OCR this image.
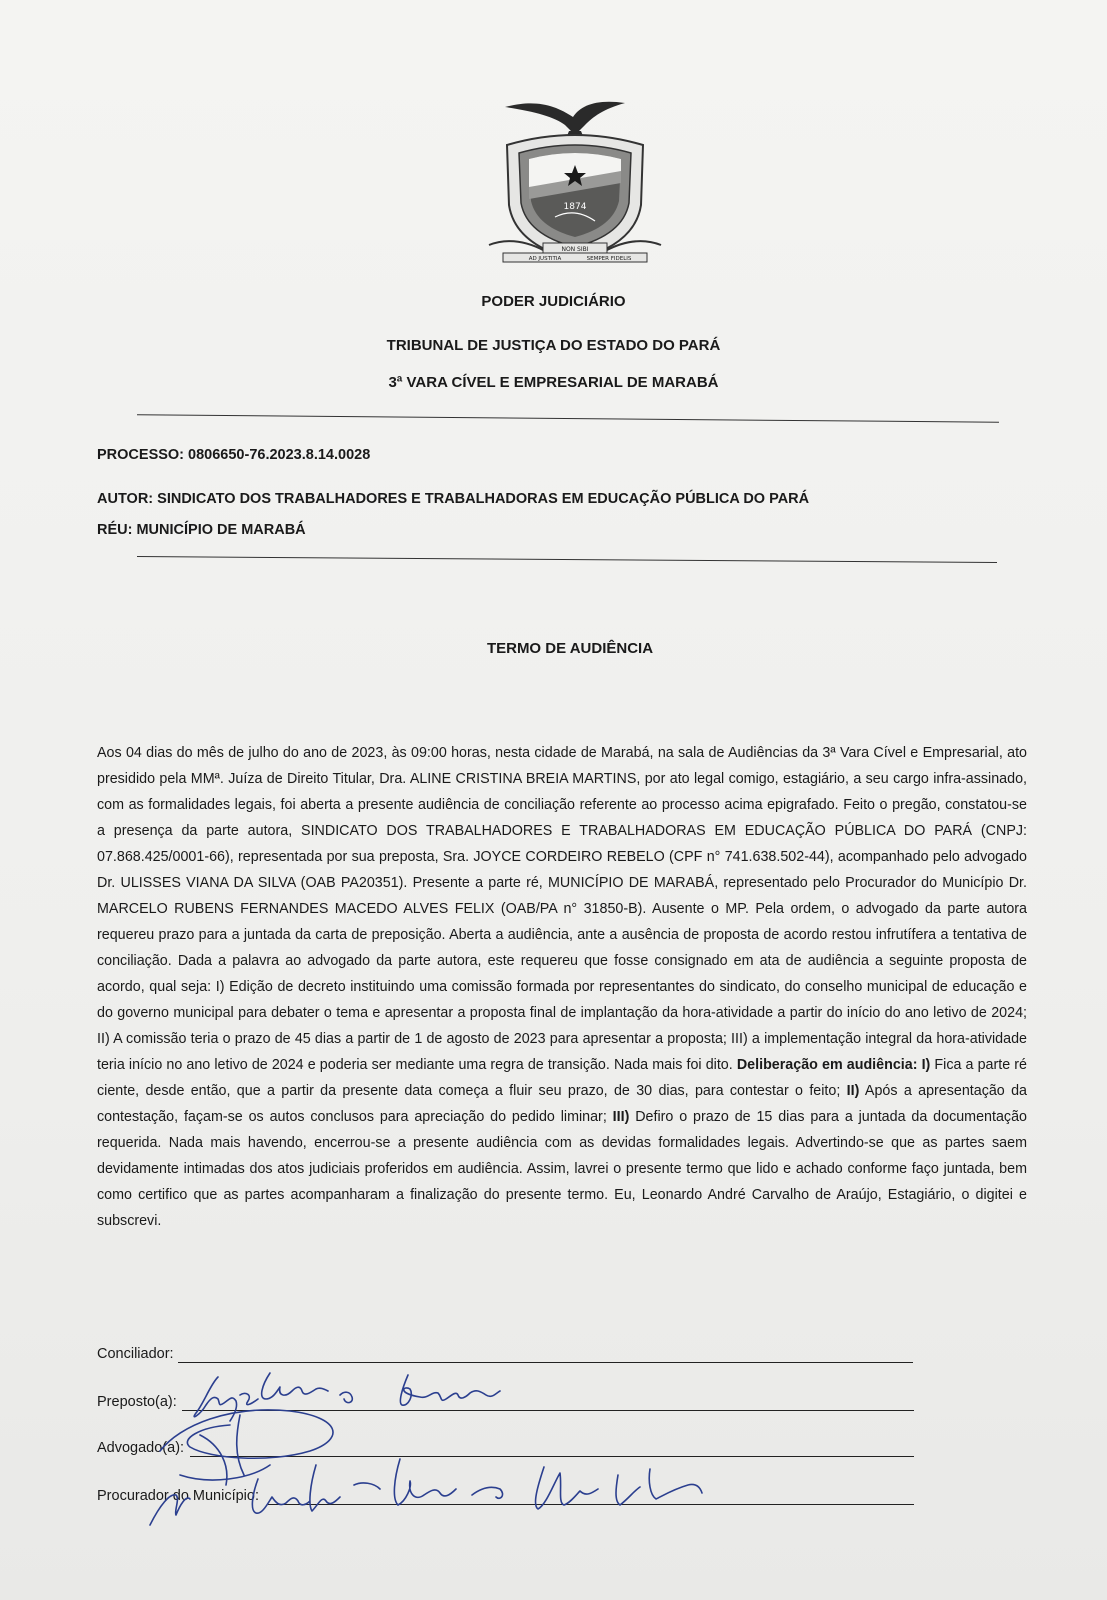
1874
NON SIBI
AD JUSTITIA	SEMPER FIDELIS
PODER JUDICIÁRIO
TRIBUNAL DE JUSTIÇA DO ESTADO DO PARÁ
3ª VARA CÍVEL E EMPRESARIAL DE MARABÁ
PROCESSO: 0806650-76.2023.8.14.0028
AUTOR: SINDICATO DOS TRABALHADORES E TRABALHADORAS EM EDUCAÇÃO PÚBLICA DO PARÁ
RÉU: MUNICÍPIO DE MARABÁ
TERMO DE AUDIÊNCIA
Aos 04 dias do mês de julho do ano de 2023, às 09:00 horas, nesta cidade de Marabá, na sala de Audiências da 3ª Vara Cível e Empresarial, ato presidido pela MMª. Juíza de Direito Titular, Dra. ALINE CRISTINA BREIA MARTINS, por ato legal comigo, estagiário, a seu cargo infra-assinado, com as formalidades legais, foi aberta a presente audiência de conciliação referente ao processo acima epigrafado. Feito o pregão, constatou-se a presença da parte autora, SINDICATO DOS TRABALHADORES E TRABALHADORAS EM EDUCAÇÃO PÚBLICA DO PARÁ (CNPJ: 07.868.425/0001-66), representada por sua preposta, Sra. JOYCE CORDEIRO REBELO (CPF n° 741.638.502-44), acompanhado pelo advogado Dr. ULISSES VIANA DA SILVA (OAB PA20351). Presente a parte ré, MUNICÍPIO DE MARABÁ, representado pelo Procurador do Município Dr. MARCELO RUBENS FERNANDES MACEDO ALVES FELIX (OAB/PA n° 31850-B). Ausente o MP. Pela ordem, o advogado da parte autora requereu prazo para a juntada da carta de preposição. Aberta a audiência, ante a ausência de proposta de acordo restou infrutífera a tentativa de conciliação. Dada a palavra ao advogado da parte autora, este requereu que fosse consignado em ata de audiência a seguinte proposta de acordo, qual seja: I) Edição de decreto instituindo uma comissão formada por representantes do sindicato, do conselho municipal de educação e do governo municipal para debater o tema e apresentar a proposta final de implantação da hora-atividade a partir do início do ano letivo de 2024; II) A comissão teria o prazo de 45 dias a partir de 1 de agosto de 2023 para apresentar a proposta; III) a implementação integral da hora-atividade teria início no ano letivo de 2024 e poderia ser mediante uma regra de transição. Nada mais foi dito. Deliberação em audiência: I) Fica a parte ré ciente, desde então, que a partir da presente data começa a fluir seu prazo, de 30 dias, para contestar o feito; II) Após a apresentação da contestação, façam-se os autos conclusos para apreciação do pedido liminar; III) Defiro o prazo de 15 dias para a juntada da documentação requerida. Nada mais havendo, encerrou-se a presente audiência com as devidas formalidades legais. Advertindo-se que as partes saem devidamente intimadas dos atos judiciais proferidos em audiência. Assim, lavrei o presente termo que lido e achado conforme faço juntada, bem como certifico que as partes acompanharam a finalização do presente termo. Eu, Leonardo André Carvalho de Araújo, Estagiário, o digitei e subscrevi.
Conciliador:
Preposto(a):
Advogado(a):
Procurador do Município:
